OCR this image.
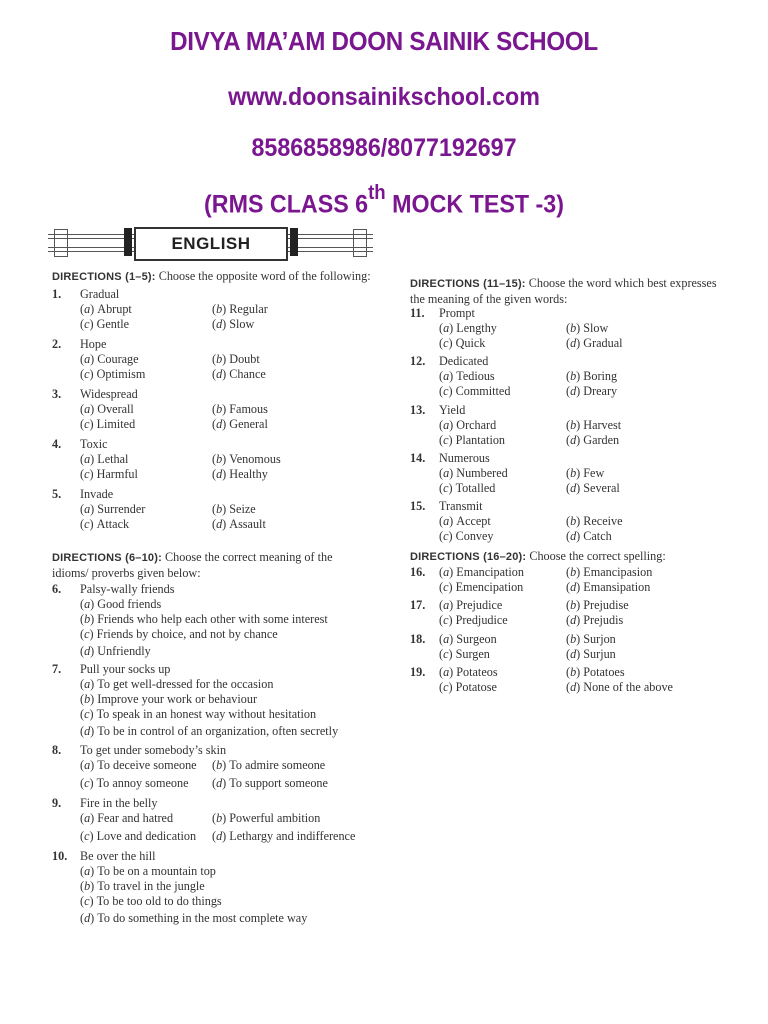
DIVYA MA’AM DOON SAINIK SCHOOL
www.doonsainikschool.com
8586858986/8077192697
(RMS CLASS 6th MOCK TEST -3)
ENGLISH
DIRECTIONS (1–5): Choose the opposite word of the following:
1. Gradual
(a) Abrupt	(b) Regular
(c) Gentle	(d) Slow
2. Hope
(a) Courage	(b) Doubt
(c) Optimism	(d) Chance
3. Widespread
(a) Overall	(b) Famous
(c) Limited	(d) General
4. Toxic
(a) Lethal	(b) Venomous
(c) Harmful	(d) Healthy
5. Invade
(a) Surrender	(b) Seize
(c) Attack	(d) Assault
DIRECTIONS (6–10): Choose the correct meaning of the idioms/ proverbs given below:
6. Palsy-wally friends
(a) Good friends
(b) Friends who help each other with some interest
(c) Friends by choice, and not by chance
(d) Unfriendly
7. Pull your socks up
(a) To get well-dressed for the occasion
(b) Improve your work or behaviour
(c) To speak in an honest way without hesitation
(d) To be in control of an organization, often secretly
10. Be over the hill
(a) To be on a mountain top
(b) To travel in the jungle
(c) To be too old to do things
(d) To do something in the most complete way
8. To get under somebody’s skin
(a) To deceive someone (b) To admire someone
(c) To annoy someone (d) To support someone
9. Fire in the belly
(a) Fear and hatred	(b) Powerful ambition
(c) Love and dedication (d) Lethargy and indifference
DIRECTIONS (11–15): Choose the word which best expresses the meaning of the given words:
11. Prompt
(a) Lengthy	(b) Slow
(c) Quick	(d) Gradual
12. Dedicated
(a) Tedious	(b) Boring
(c) Committed	(d) Dreary
13. Yield
(a) Orchard	(b) Harvest
(c) Plantation	(d) Garden
14. Numerous
(a) Numbered	(b) Few
(c) Totalled	(d) Several
15. Transmit
(a) Accept	(b) Receive
(c) Convey	(d) Catch
DIRECTIONS (16–20): Choose the correct spelling:
16. (a) Emancipation	(b) Emancipasion
(c) Emencipation	(d) Emansipation
17. (a) Prejudice	(b) Prejudise
(c) Predjudice	(d) Prejudis
18. (a) Surgeon	(b) Surjon
(c) Surgen	(d) Surjun
19. (a) Potateos	(b) Potatoes
(c) Potatose	(d) None of the above
